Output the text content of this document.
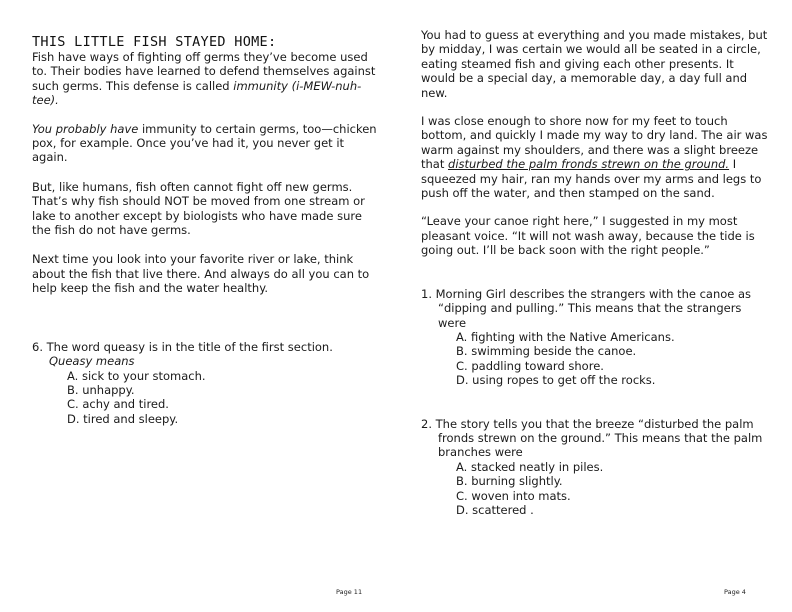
THIS LITTLE FISH STAYED HOME:

Fish have ways of fighting off germs they’ve become used to. Their bodies have learned to defend themselves against such germs. This defense is called immunity (i-MEW-nuh-tee).

You probably have immunity to certain germs, too—chicken pox, for example. Once you’ve had it, you never get it again.

But, like humans, fish often cannot fight off new germs. That’s why fish should NOT be moved from one stream or lake to another except by biologists who have made sure the fish do not have germs.

Next time you look into your favorite river or lake, think about the fish that live there. And always do all you can to help keep the fish and the water healthy.

6. The word queasy is in the title of the first section.
Queasy means
A. sick to your stomach.
B. unhappy.
C. achy and tired.
D. tired and sleepy.

You had to guess at everything and you made mistakes, but by midday, I was certain we would all be seated in a circle, eating steamed fish and giving each other presents. It would be a special day, a memorable day, a day full and new.

I was close enough to shore now for my feet to touch bottom, and quickly I made my way to dry land. The air was warm against my shoulders, and there was a slight breeze that disturbed the palm fronds strewn on the ground. I squeezed my hair, ran my hands over my arms and legs to push off the water, and then stamped on the sand.

“Leave your canoe right here,” I suggested in my most pleasant voice. “It will not wash away, because the tide is going out. I’ll be back soon with the right people.”

1. Morning Girl describes the strangers with the canoe as “dipping and pulling.” This means that the strangers were
A. fighting with the Native Americans.
B. swimming beside the canoe.
C. paddling toward shore.
D. using ropes to get off the rocks.
2. The story tells you that the breeze “disturbed the palm fronds strewn on the ground.” This means that the palm branches were
A. stacked neatly in piles.
B. burning slightly.
C. woven into mats.
D. scattered .
Page 11	Page 4
